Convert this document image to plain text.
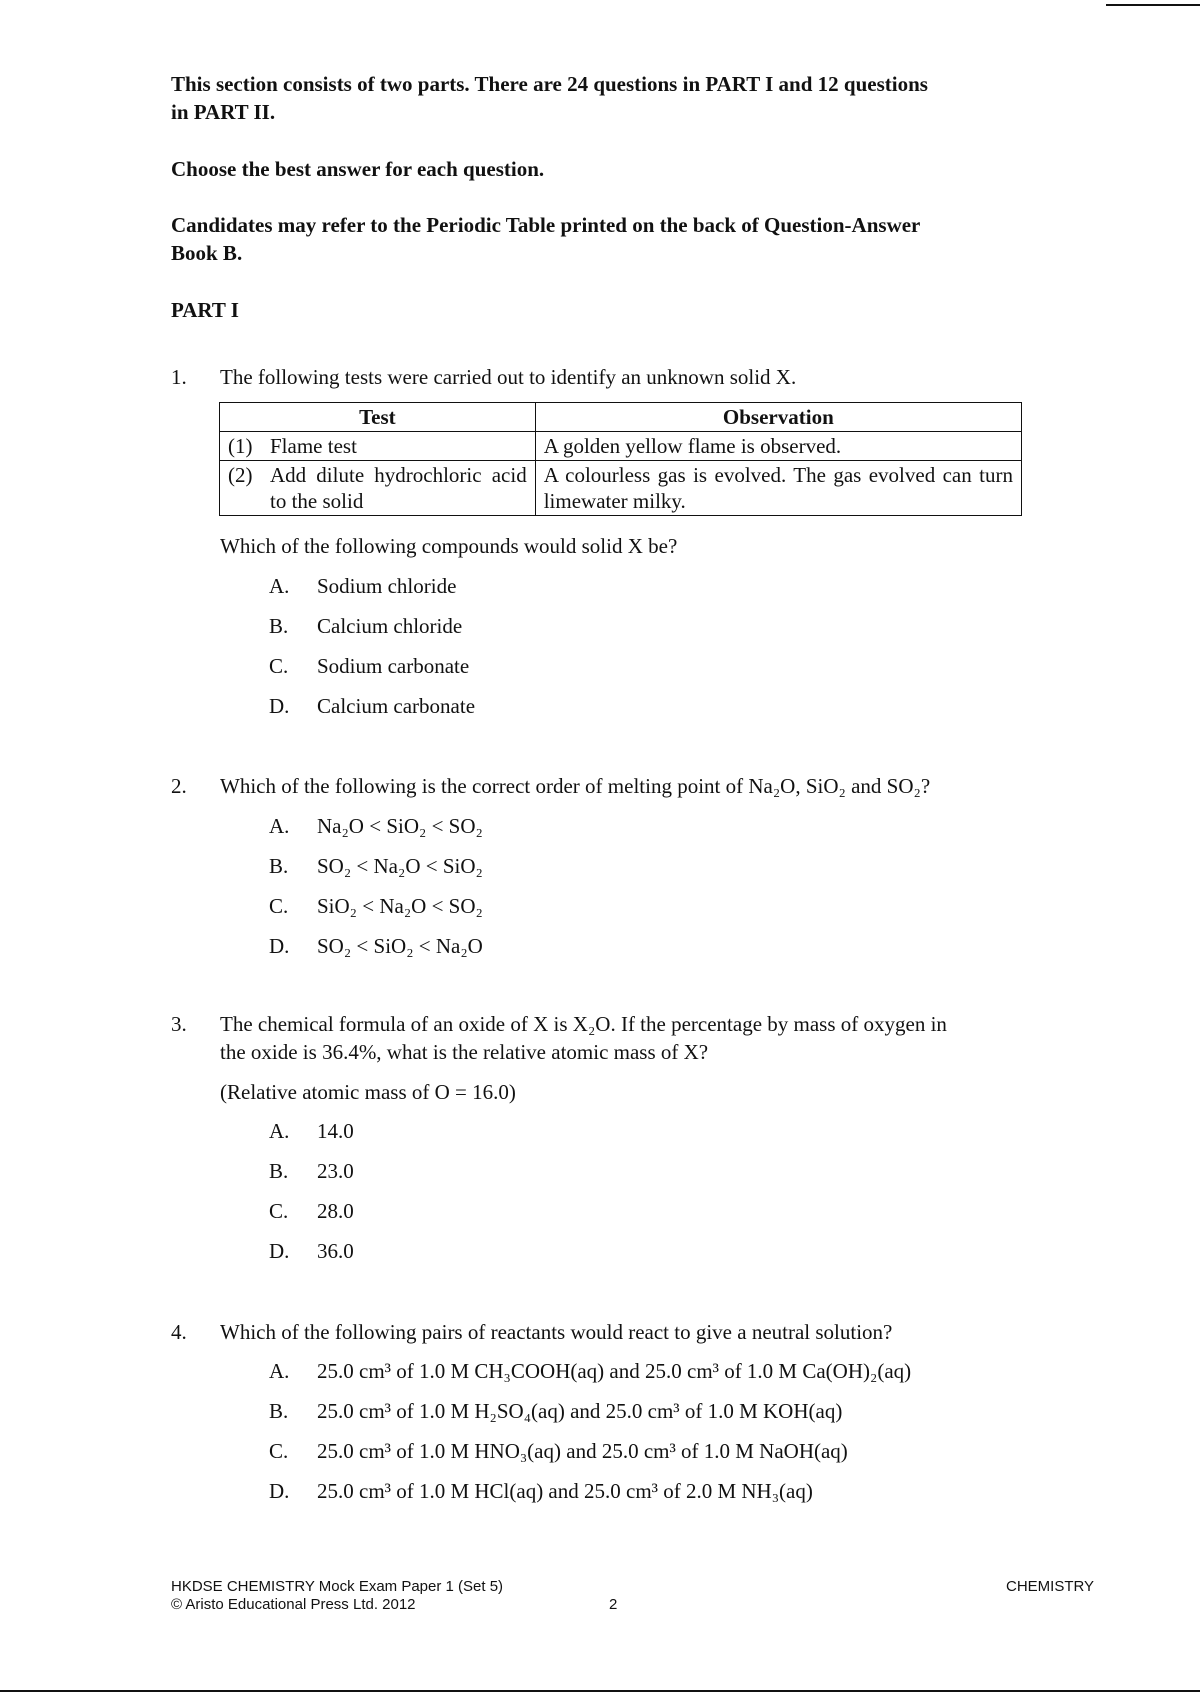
This section consists of two parts. There are 24 questions in PART I and 12 questions
in PART II.
Choose the best answer for each question.
Candidates may refer to the Periodic Table printed on the back of Question-Answer
Book B.
PART I
1. The following tests were carried out to identify an unknown solid X.
Test	Observation
(1) Flame test	A golden yellow flame is observed.

(2) Add dilute hydrochloric acid to the solid	A colourless gas is evolved. The gas evolved can turn limewater milky.
Which of the following compounds would solid X be?
A. Sodium chloride
B. Calcium chloride
C. Sodium carbonate
D. Calcium carbonate
2. Which of the following is the correct order of melting point of Na₂O, SiO₂ and SO₂?
A. Na₂O < SiO₂ < SO₂
B. SO₂ < Na₂O < SiO₂
C. SiO₂ < Na₂O < SO₂
D. SO₂ < SiO₂ < Na₂O
3. The chemical formula of an oxide of X is X₂O. If the percentage by mass of oxygen in
the oxide is 36.4%, what is the relative atomic mass of X?
(Relative atomic mass of O = 16.0)
A. 14.0
B. 23.0
C. 28.0
D. 36.0
4. Which of the following pairs of reactants would react to give a neutral solution?
A. 25.0 cm³ of 1.0 M CH₃COOH(aq) and 25.0 cm³ of 1.0 M Ca(OH)₂(aq)
B. 25.0 cm³ of 1.0 M H₂SO₄(aq) and 25.0 cm³ of 1.0 M KOH(aq)
C. 25.0 cm³ of 1.0 M HNO₃(aq) and 25.0 cm³ of 1.0 M NaOH(aq)
D. 25.0 cm³ of 1.0 M HCl(aq) and 25.0 cm³ of 2.0 M NH₃(aq)
HKDSE CHEMISTRY Mock Exam Paper 1 (Set 5)
© Aristo Educational Press Ltd. 2012	2
CHEMISTRY
